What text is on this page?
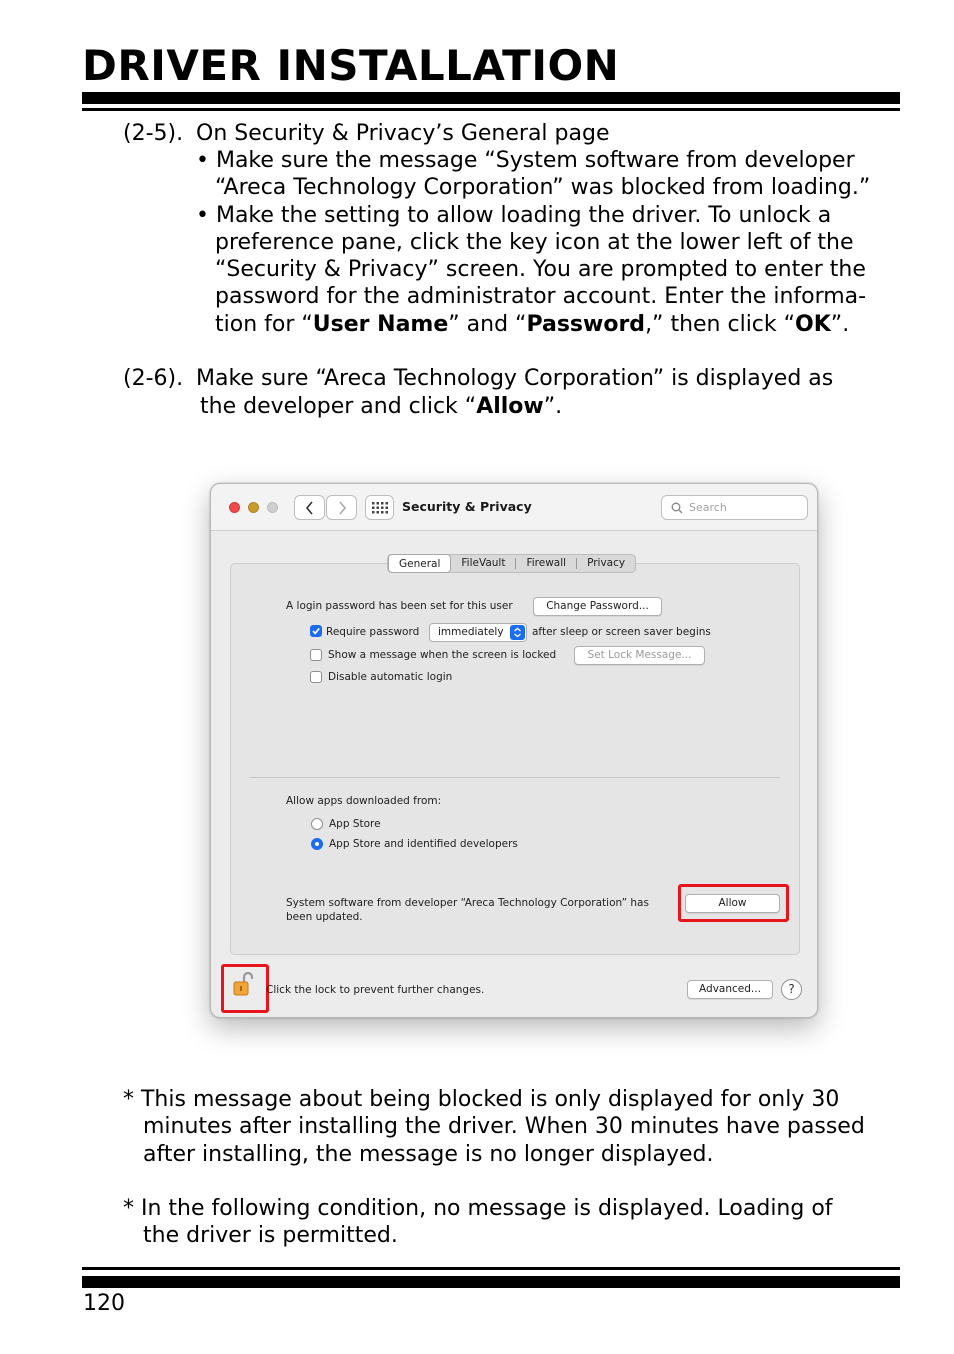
DRIVER INSTALLATION
(2-5). On Security & Privacy’s General page
• Make sure the message “System software from developer
“Areca Technology Corporation” was blocked from loading.”
• Make the setting to allow loading the driver. To unlock a
preference pane, click the key icon at the lower left of the
“Security & Privacy” screen. You are prompted to enter the
password for the administrator account. Enter the informa-
tion for “User Name” and “Password,” then click “OK”.
(2-6). Make sure “Areca Technology Corporation” is displayed as
the developer and click “Allow”.
Security & Privacy	Search
General	FileVault	Firewall	Privacy
A login password has been set for this user	Change Password...
Require password	immediately	after sleep or screen saver begins
Show a message when the screen is locked	Set Lock Message...
Disable automatic login
Allow apps downloaded from:
App Store
App Store and identified developers
System software from developer “Areca Technology Corporation” has
been updated.
Allow
Click the lock to prevent further changes.	Advanced...	?
* This message about being blocked is only displayed for only 30
minutes after installing the driver. When 30 minutes have passed
after installing, the message is no longer displayed.
* In the following condition, no message is displayed. Loading of
the driver is permitted.
120
